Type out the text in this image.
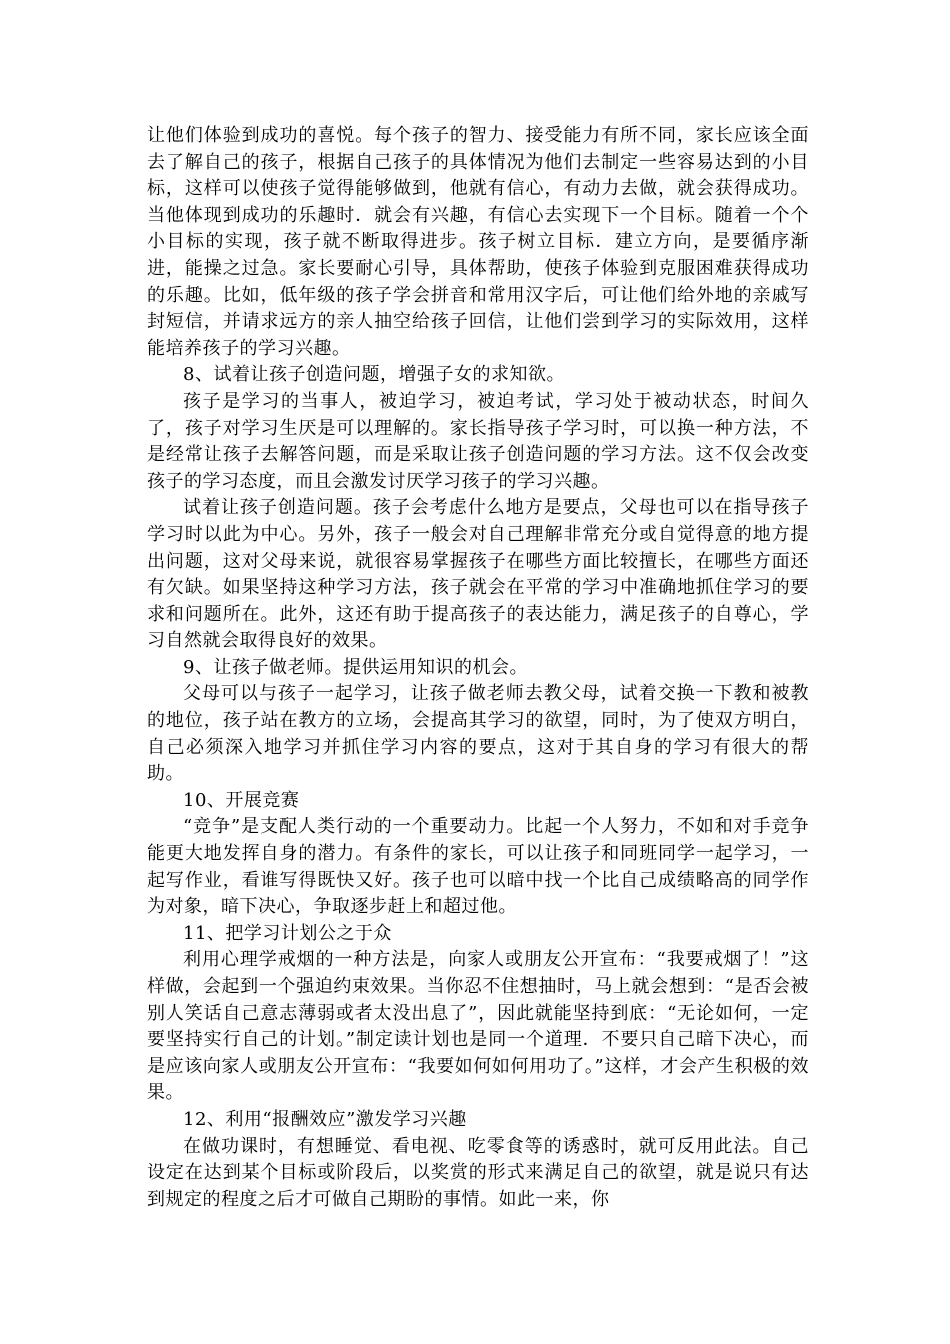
让他们体验到成功的喜悦。每个孩子的智力、接受能力有所不同，家长应该全面去了解自己的孩子，根据自己孩子的具体情况为他们去制定一些容易达到的小目标，这样可以使孩子觉得能够做到，他就有信心，有动力去做，就会获得成功。当他体现到成功的乐趣时．就会有兴趣，有信心去实现下一个目标。随着一个个小目标的实现，孩子就不断取得进步。孩子树立目标．建立方向，是要循序渐进，能操之过急。家长要耐心引导，具体帮助，使孩子体验到克服困难获得成功的乐趣。比如，低年级的孩子学会拼音和常用汉字后，可让他们给外地的亲戚写封短信，并请求远方的亲人抽空给孩子回信，让他们尝到学习的实际效用，这样能培养孩子的学习兴趣。

8、试着让孩子创造问题，增强子女的求知欲。

孩子是学习的当事人，被迫学习，被迫考试，学习处于被动状态，时间久了，孩子对学习生厌是可以理解的。家长指导孩子学习时，可以换一种方法，不是经常让孩子去解答问题，而是采取让孩子创造问题的学习方法。这不仅会改变孩子的学习态度，而且会激发讨厌学习孩子的学习兴趣。

试着让孩子创造问题。孩子会考虑什么地方是要点，父母也可以在指导孩子学习时以此为中心。另外，孩子一般会对自己理解非常充分或自觉得意的地方提出问题，这对父母来说，就很容易掌握孩子在哪些方面比较擅长，在哪些方面还有欠缺。如果坚持这种学习方法，孩子就会在平常的学习中准确地抓住学习的要求和问题所在。此外，这还有助于提高孩子的表达能力，满足孩子的自尊心，学习自然就会取得良好的效果。

9、让孩子做老师。提供运用知识的机会。

父母可以与孩子一起学习，让孩子做老师去教父母，试着交换一下教和被教的地位，孩子站在教方的立场，会提高其学习的欲望，同时，为了使双方明白，自己必须深入地学习并抓住学习内容的要点，这对于其自身的学习有很大的帮助。

10、开展竞赛

“竞争”是支配人类行动的一个重要动力。比起一个人努力，不如和对手竞争能更大地发挥自身的潜力。有条件的家长，可以让孩子和同班同学一起学习，一起写作业，看谁写得既快又好。孩子也可以暗中找一个比自己成绩略高的同学作为对象，暗下决心，争取逐步赶上和超过他。

11、把学习计划公之于众

利用心理学戒烟的一种方法是，向家人或朋友公开宣布：“我要戒烟了！”这样做，会起到一个强迫约束效果。当你忍不住想抽时，马上就会想到：“是否会被别人笑话自己意志薄弱或者太没出息了”，因此就能坚持到底：“无论如何，一定要坚持实行自己的计划。”制定读计划也是同一个道理．不要只自己暗下决心，而是应该向家人或朋友公开宣布：“我要如何如何用功了。”这样，才会产生积极的效果。

12、利用“报酬效应”激发学习兴趣

在做功课时，有想睡觉、看电视、吃零食等的诱惑时，就可反用此法。自己设定在达到某个目标或阶段后，以奖赏的形式来满足自己的欲望，就是说只有达到规定的程度之后才可做自己期盼的事情。如此一来，你
